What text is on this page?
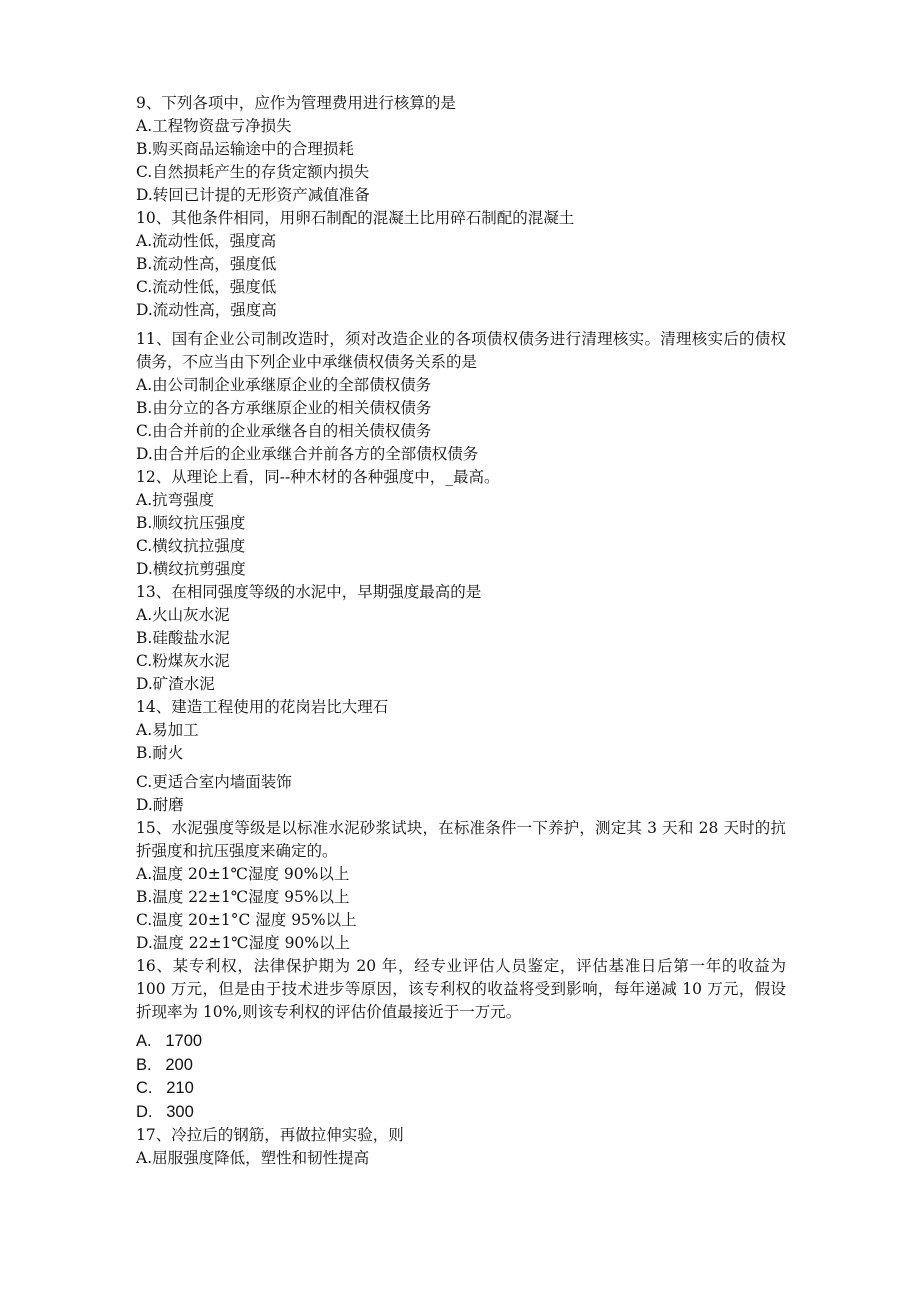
9、下列各项中，应作为管理费用进行核算的是
A.工程物资盘亏净损失
B.购买商品运输途中的合理损耗
C.自然损耗产生的存货定额内损失
D.转回已计提的无形资产减值准备
10、其他条件相同，用卵石制配的混凝土比用碎石制配的混凝土
A.流动性低，强度高
B.流动性高，强度低
C.流动性低，强度低
D.流动性高，强度高
11、国有企业公司制改造时，须对改造企业的各项债权债务进行清理核实。清理核实后的债权债务，不应当由下列企业中承继债权债务关系的是
A.由公司制企业承继原企业的全部债权债务
B.由分立的各方承继原企业的相关债权债务
C.由合并前的企业承继各自的相关债权债务
D.由合并后的企业承继合并前各方的全部债权债务
12、从理论上看，同--种木材的各种强度中，_最高。
A.抗弯强度
B.顺纹抗压强度
C.横纹抗拉强度
D.横纹抗剪强度
13、在相同强度等级的水泥中，早期强度最高的是
A.火山灰水泥
B.硅酸盐水泥
C.粉煤灰水泥
D.矿渣水泥
14、建造工程使用的花岗岩比大理石
A.易加工
B.耐火
C.更适合室内墙面装饰
D.耐磨
15、水泥强度等级是以标准水泥砂浆试块，在标准条件一下养护，测定其 3 天和 28 天时的抗折强度和抗压强度来确定的。
A.温度 20±1℃湿度 90%以上
B.温度 22±1℃湿度 95%以上
C.温度 20±1°C 湿度 95%以上
D.温度 22±1℃湿度 90%以上
16、某专利权，法律保护期为 20 年，经专业评估人员鉴定，评估基准日后第一年的收益为 100 万元，但是由于技术进步等原因，该专利权的收益将受到影响，每年递减 10 万元，假设折现率为 10%,则该专利权的评估价值最接近于一万元。
A.   1700
B.   200
C.   210
D.   300
17、冷拉后的钢筋，再做拉伸实验，则
A.屈服强度降低，塑性和韧性提高
